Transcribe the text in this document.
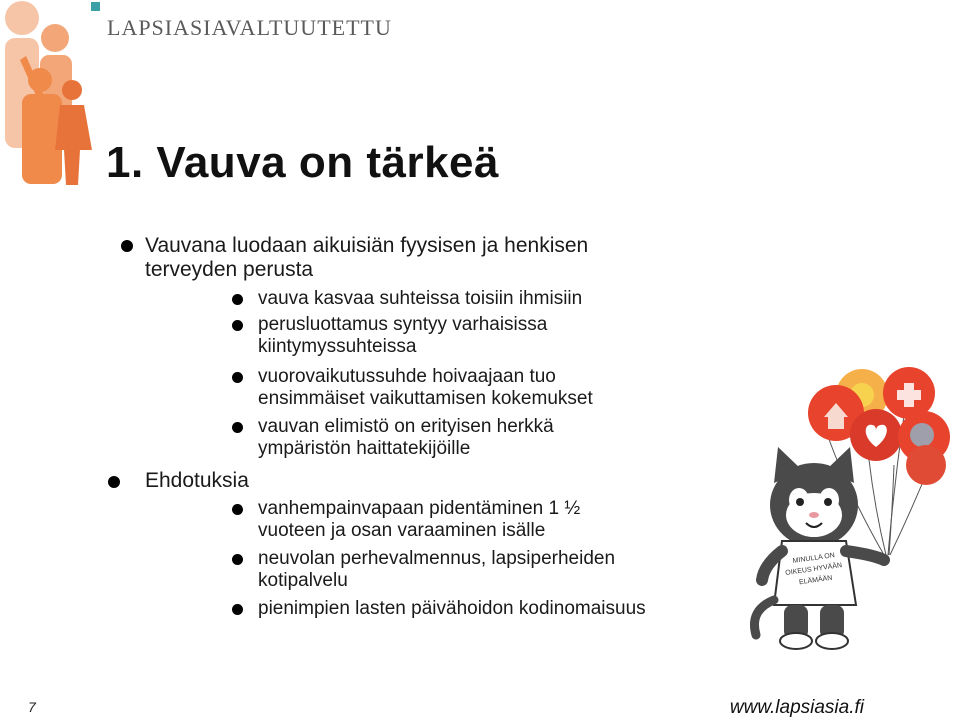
LAPSIASIAVALTUUTETTU
1. Vauva on tärkeä
Vauvana luodaan aikuisiän fyysisen ja henkisen
terveyden perusta
vauva kasvaa suhteissa toisiin ihmisiin
perusluottamus syntyy varhaisissa
kiintymyssuhteissa
vuorovaikutussuhde hoivaajaan tuo
ensimmäiset vaikuttamisen kokemukset
vauvan elimistö on erityisen herkkä
ympäristön haittatekijöille
Ehdotuksia
vanhempainvapaan pidentäminen 1 ½
vuoteen ja osan varaaminen isälle
neuvolan perhevalmennus, lapsiperheiden
kotipalvelu
pienimpien lasten päivähoidon kodinomaisuus
MINULLA ON
OIKEUS HYVÄÄN
ELÄMÄÄN
7	www.lapsiasia.fi
